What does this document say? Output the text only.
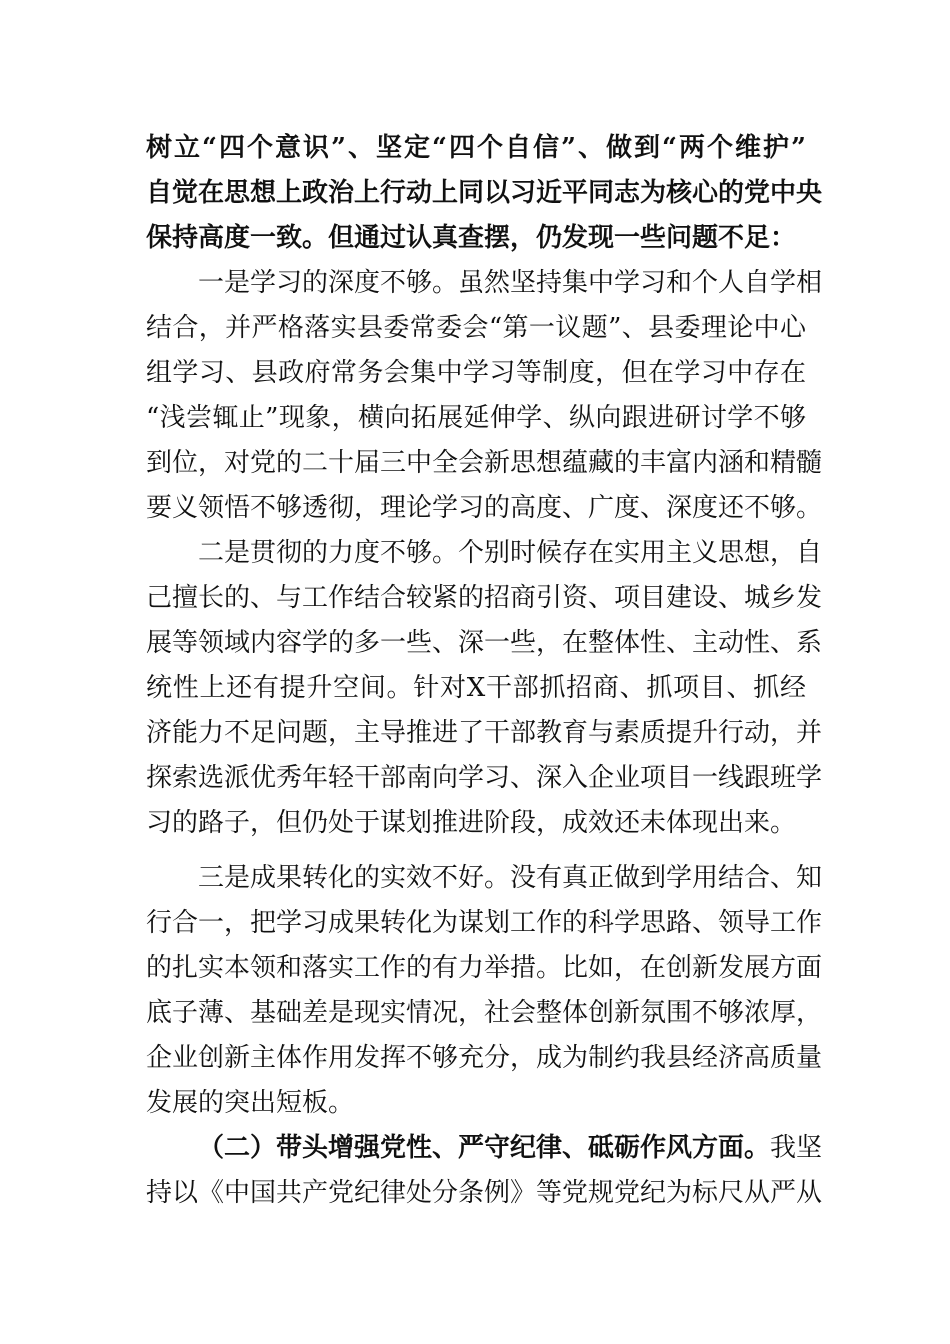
树立“四个意识”、坚定“四个自信”、做到“两个维护”
自觉在思想上政治上行动上同以习近平同志为核心的党中央
保持高度一致。但通过认真查摆，仍发现一些问题不足：
一是学习的深度不够。虽然坚持集中学习和个人自学相
结合，并严格落实县委常委会“第一议题”、县委理论中心
组学习、县政府常务会集中学习等制度，但在学习中存在
“浅尝辄止”现象，横向拓展延伸学、纵向跟进研讨学不够
到位，对党的二十届三中全会新思想蕴藏的丰富内涵和精髓
要义领悟不够透彻，理论学习的高度、广度、深度还不够。
二是贯彻的力度不够。个别时候存在实用主义思想，自
己擅长的、与工作结合较紧的招商引资、项目建设、城乡发
展等领域内容学的多一些、深一些，在整体性、主动性、系
统性上还有提升空间。针对X干部抓招商、抓项目、抓经
济能力不足问题，主导推进了干部教育与素质提升行动，并
探索选派优秀年轻干部南向学习、深入企业项目一线跟班学
习的路子，但仍处于谋划推进阶段，成效还未体现出来。
三是成果转化的实效不好。没有真正做到学用结合、知
行合一，把学习成果转化为谋划工作的科学思路、领导工作
的扎实本领和落实工作的有力举措。比如，在创新发展方面
底子薄、基础差是现实情况，社会整体创新氛围不够浓厚，
企业创新主体作用发挥不够充分，成为制约我县经济高质量
发展的突出短板。
（二）带头增强党性、严守纪律、砥砺作风方面。 我坚
持以《中国共产党纪律处分条例》等党规党纪为标尺从严从
